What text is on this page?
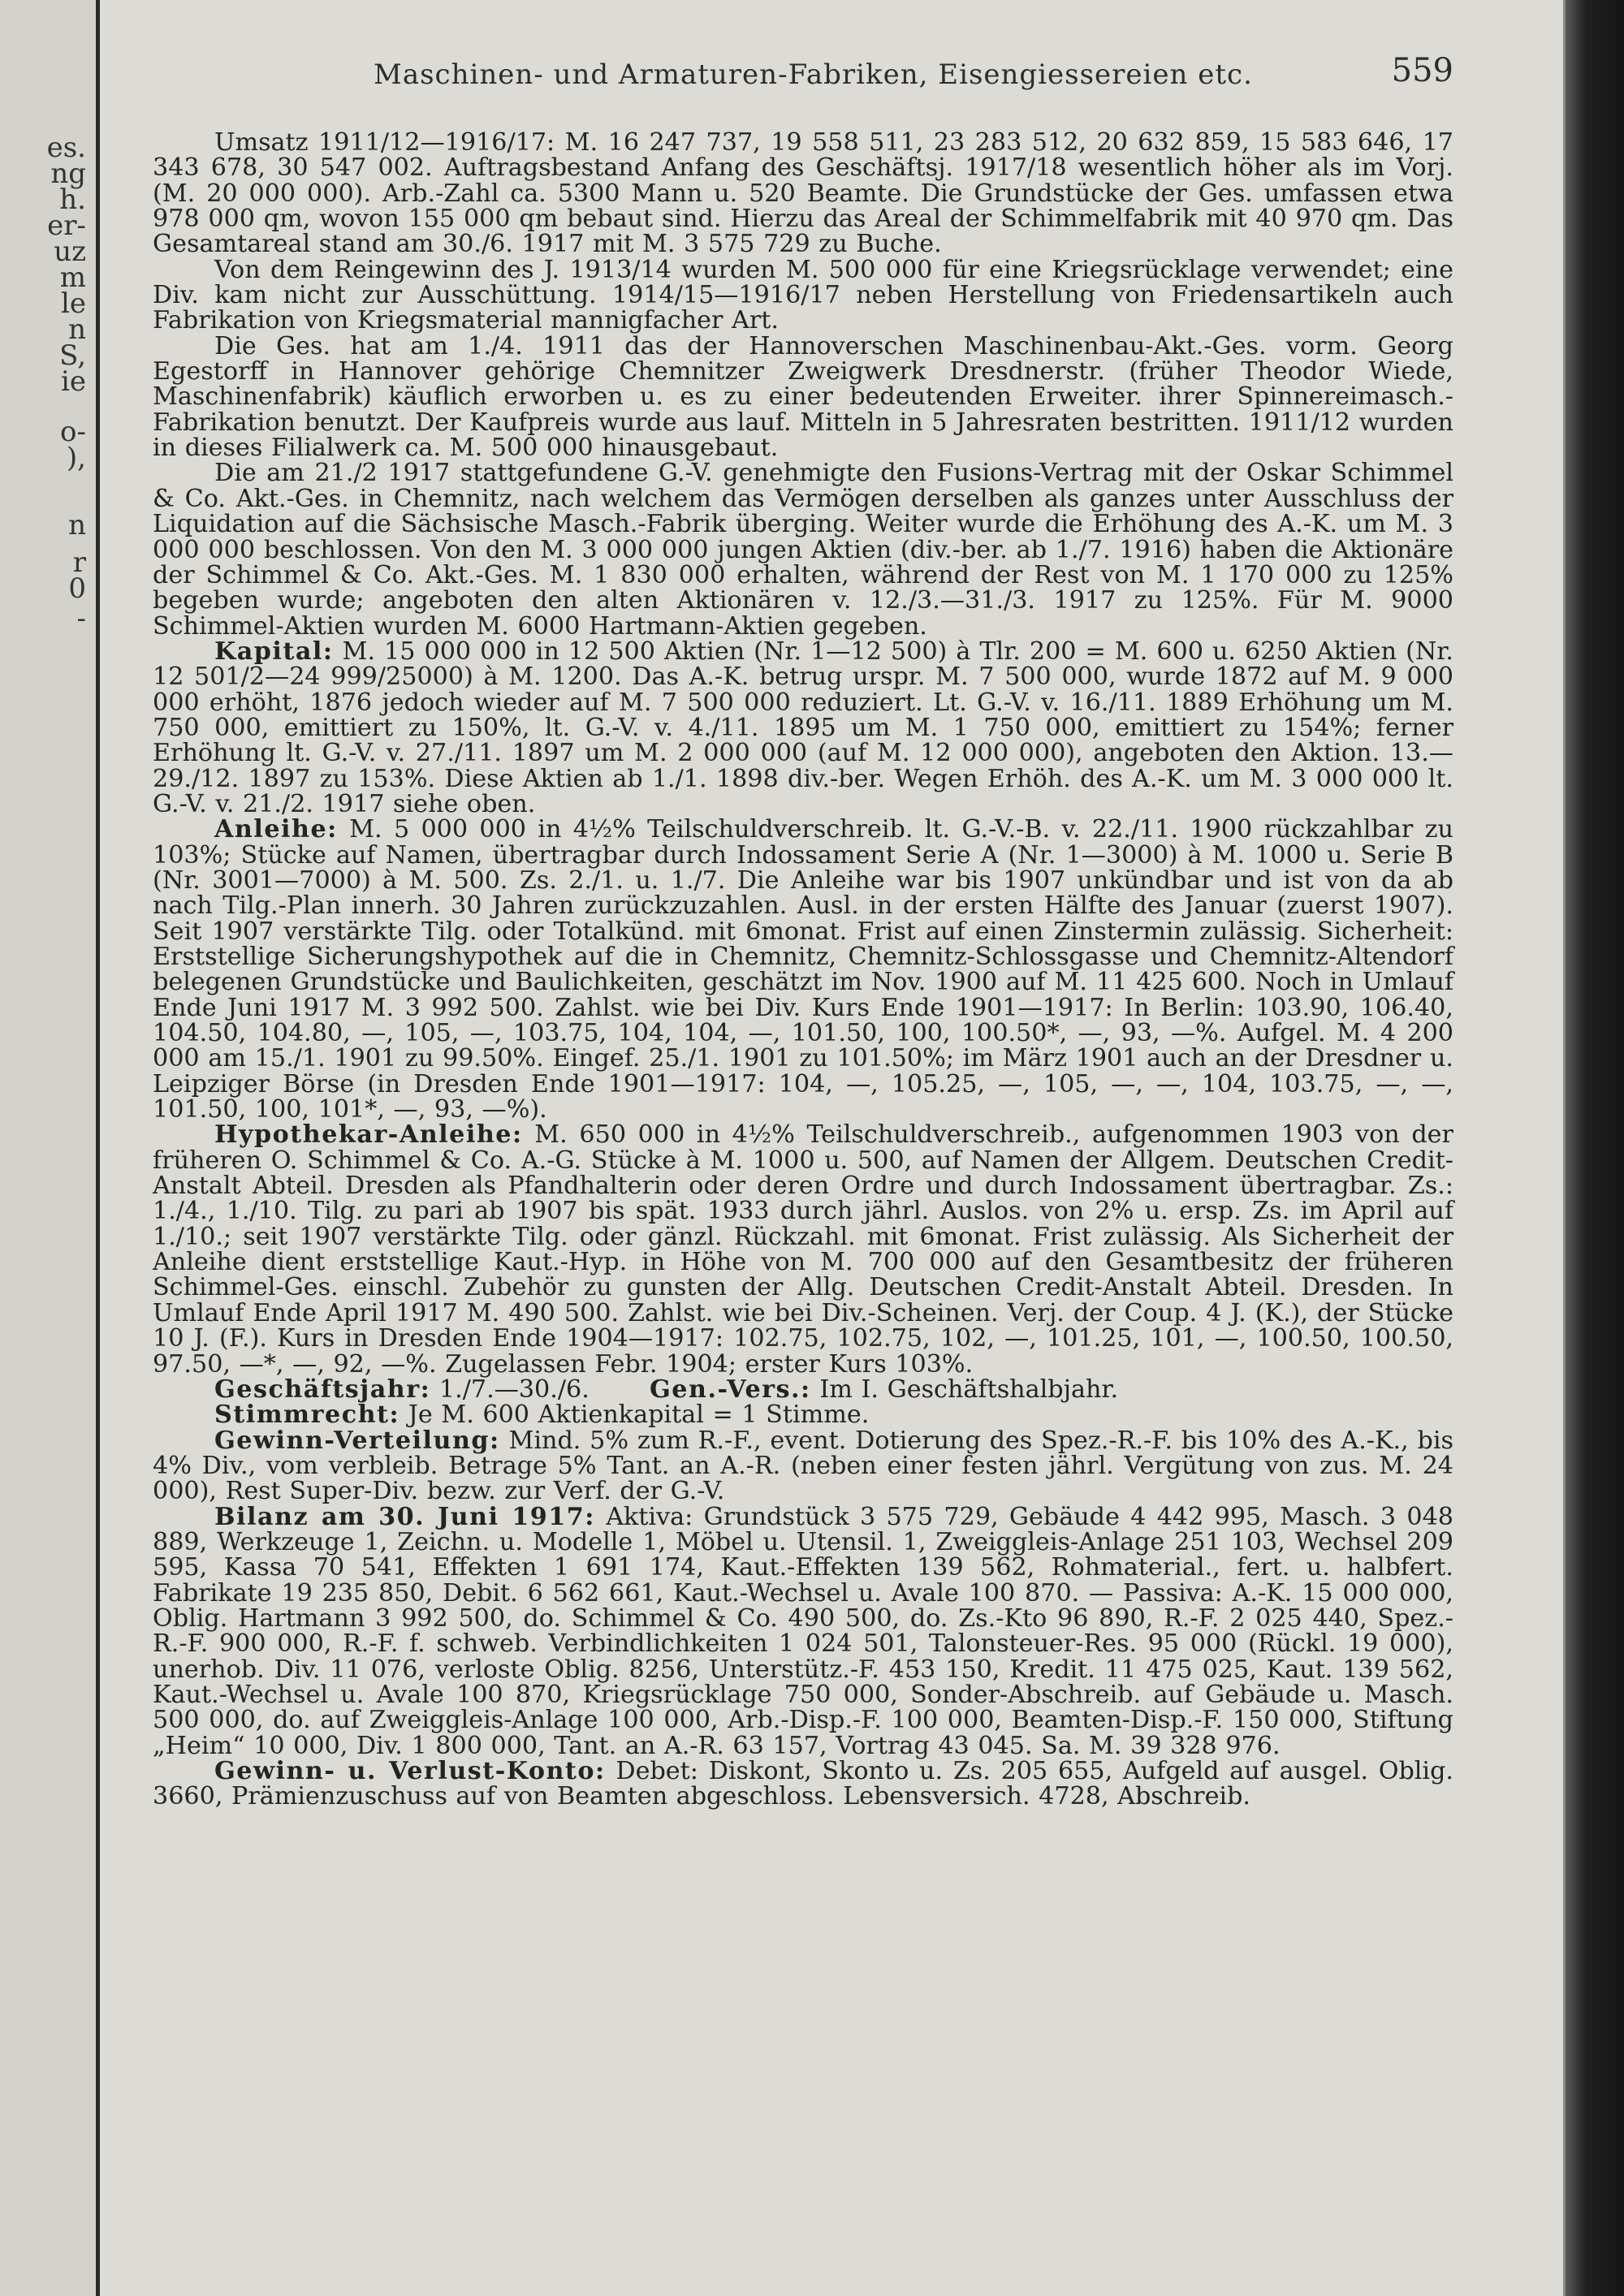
es.
ng
h.
er-
uz
m
le
n
S,
ie
o-
),
n
r
0
-
Maschinen- und Armaturen-Fabriken, Eisengiessereien etc.	559

Umsatz 1911/12—1916/17: M. 16 247 737, 19 558 511, 23 283 512, 20 632 859, 15 583 646, 17 343 678, 30 547 002. Auftragsbestand Anfang des Geschäftsj. 1917/18 wesentlich höher als im Vorj. (M. 20 000 000). Arb.-Zahl ca. 5300 Mann u. 520 Beamte. Die Grundstücke der Ges. umfassen etwa 978 000 qm, wovon 155 000 qm bebaut sind. Hierzu das Areal der Schimmelfabrik mit 40 970 qm. Das Gesamtareal stand am 30./6. 1917 mit M. 3 575 729 zu Buche.

Von dem Reingewinn des J. 1913/14 wurden M. 500 000 für eine Kriegsrücklage verwendet; eine Div. kam nicht zur Ausschüttung. 1914/15—1916/17 neben Herstellung von Friedensartikeln auch Fabrikation von Kriegsmaterial mannigfacher Art.

Die Ges. hat am 1./4. 1911 das der Hannoverschen Maschinenbau-Akt.-Ges. vorm. Georg Egestorff in Hannover gehörige Chemnitzer Zweigwerk Dresdnerstr. (früher Theodor Wiede, Maschinenfabrik) käuflich erworben u. es zu einer bedeutenden Erweiter. ihrer Spinnereimasch.-Fabrikation benutzt. Der Kaufpreis wurde aus lauf. Mitteln in 5 Jahresraten bestritten. 1911/12 wurden in dieses Filialwerk ca. M. 500 000 hinausgebaut.

Die am 21./2 1917 stattgefundene G.-V. genehmigte den Fusions-Vertrag mit der Oskar Schimmel & Co. Akt.-Ges. in Chemnitz, nach welchem das Vermögen derselben als ganzes unter Ausschluss der Liquidation auf die Sächsische Masch.-Fabrik überging. Weiter wurde die Erhöhung des A.-K. um M. 3 000 000 beschlossen. Von den M. 3 000 000 jungen Aktien (div.-ber. ab 1./7. 1916) haben die Aktionäre der Schimmel & Co. Akt.-Ges. M. 1 830 000 erhalten, während der Rest von M. 1 170 000 zu 125% begeben wurde; angeboten den alten Aktionären v. 12./3.—31./3. 1917 zu 125%. Für M. 9000 Schimmel-Aktien wurden M. 6000 Hartmann-Aktien gegeben.

Kapital: M. 15 000 000 in 12 500 Aktien (Nr. 1—12 500) à Tlr. 200 = M. 600 u. 6250 Aktien (Nr. 12 501/2—24 999/25000) à M. 1200. Das A.-K. betrug urspr. M. 7 500 000, wurde 1872 auf M. 9 000 000 erhöht, 1876 jedoch wieder auf M. 7 500 000 reduziert. Lt. G.-V. v. 16./11. 1889 Erhöhung um M. 750 000, emittiert zu 150%, lt. G.-V. v. 4./11. 1895 um M. 1 750 000, emittiert zu 154%; ferner Erhöhung lt. G.-V. v. 27./11. 1897 um M. 2 000 000 (auf M. 12 000 000), angeboten den Aktion. 13.—29./12. 1897 zu 153%. Diese Aktien ab 1./1. 1898 div.-ber. Wegen Erhöh. des A.-K. um M. 3 000 000 lt. G.-V. v. 21./2. 1917 siehe oben.

Anleihe: M. 5 000 000 in 4½% Teilschuldverschreib. lt. G.-V.-B. v. 22./11. 1900 rückzahlbar zu 103%; Stücke auf Namen, übertragbar durch Indossament Serie A (Nr. 1—3000) à M. 1000 u. Serie B (Nr. 3001—7000) à M. 500. Zs. 2./1. u. 1./7. Die Anleihe war bis 1907 unkündbar und ist von da ab nach Tilg.-Plan innerh. 30 Jahren zurückzuzahlen. Ausl. in der ersten Hälfte des Januar (zuerst 1907). Seit 1907 verstärkte Tilg. oder Totalkünd. mit 6monat. Frist auf einen Zinstermin zulässig. Sicherheit: Erststellige Sicherungshypothek auf die in Chemnitz, Chemnitz-Schlossgasse und Chemnitz-Altendorf belegenen Grundstücke und Baulichkeiten, geschätzt im Nov. 1900 auf M. 11 425 600. Noch in Umlauf Ende Juni 1917 M. 3 992 500. Zahlst. wie bei Div. Kurs Ende 1901—1917: In Berlin: 103.90, 106.40, 104.50, 104.80, —, 105, —, 103.75, 104, 104, —, 101.50, 100, 100.50*, —, 93, —%. Aufgel. M. 4 200 000 am 15./1. 1901 zu 99.50%. Eingef. 25./1. 1901 zu 101.50%; im März 1901 auch an der Dresdner u. Leipziger Börse (in Dresden Ende 1901—1917: 104, —, 105.25, —, 105, —, —, 104, 103.75, —, —, 101.50, 100, 101*, —, 93, —%).

Hypothekar-Anleihe: M. 650 000 in 4½% Teilschuldverschreib., aufgenommen 1903 von der früheren O. Schimmel & Co. A.-G. Stücke à M. 1000 u. 500, auf Namen der Allgem. Deutschen Credit-Anstalt Abteil. Dresden als Pfandhalterin oder deren Ordre und durch Indossament übertragbar. Zs.: 1./4., 1./10. Tilg. zu pari ab 1907 bis spät. 1933 durch jährl. Auslos. von 2% u. ersp. Zs. im April auf 1./10.; seit 1907 verstärkte Tilg. oder gänzl. Rückzahl. mit 6monat. Frist zulässig. Als Sicherheit der Anleihe dient erststellige Kaut.-Hyp. in Höhe von M. 700 000 auf den Gesamtbesitz der früheren Schimmel-Ges. einschl. Zubehör zu gunsten der Allg. Deutschen Credit-Anstalt Abteil. Dresden. In Umlauf Ende April 1917 M. 490 500. Zahlst. wie bei Div.-Scheinen. Verj. der Coup. 4 J. (K.), der Stücke 10 J. (F.). Kurs in Dresden Ende 1904—1917: 102.75, 102.75, 102, —, 101.25, 101, —, 100.50, 100.50, 97.50, —*, —, 92, —%. Zugelassen Febr. 1904; erster Kurs 103%.

Geschäftsjahr: 1./7.—30./6. Gen.-Vers.: Im I. Geschäftshalbjahr.

Stimmrecht: Je M. 600 Aktienkapital = 1 Stimme.

Gewinn-Verteilung: Mind. 5% zum R.-F., event. Dotierung des Spez.-R.-F. bis 10% des A.-K., bis 4% Div., vom verbleib. Betrage 5% Tant. an A.-R. (neben einer festen jährl. Vergütung von zus. M. 24 000), Rest Super-Div. bezw. zur Verf. der G.-V.

Bilanz am 30. Juni 1917: Aktiva: Grundstück 3 575 729, Gebäude 4 442 995, Masch. 3 048 889, Werkzeuge 1, Zeichn. u. Modelle 1, Möbel u. Utensil. 1, Zweiggleis-Anlage 251 103, Wechsel 209 595, Kassa 70 541, Effekten 1 691 174, Kaut.-Effekten 139 562, Rohmaterial., fert. u. halbfert. Fabrikate 19 235 850, Debit. 6 562 661, Kaut.-Wechsel u. Avale 100 870. — Passiva: A.-K. 15 000 000, Oblig. Hartmann 3 992 500, do. Schimmel & Co. 490 500, do. Zs.-Kto 96 890, R.-F. 2 025 440, Spez.-R.-F. 900 000, R.-F. f. schweb. Verbindlichkeiten 1 024 501, Talonsteuer-Res. 95 000 (Rückl. 19 000), unerhob. Div. 11 076, verloste Oblig. 8256, Unterstütz.-F. 453 150, Kredit. 11 475 025, Kaut. 139 562, Kaut.-Wechsel u. Avale 100 870, Kriegsrücklage 750 000, Sonder-Abschreib. auf Gebäude u. Masch. 500 000, do. auf Zweiggleis-Anlage 100 000, Arb.-Disp.-F. 100 000, Beamten-Disp.-F. 150 000, Stiftung „Heim“ 10 000, Div. 1 800 000, Tant. an A.-R. 63 157, Vortrag 43 045. Sa. M. 39 328 976.

Gewinn- u. Verlust-Konto: Debet: Diskont, Skonto u. Zs. 205 655, Aufgeld auf ausgel. Oblig. 3660, Prämienzuschuss auf von Beamten abgeschloss. Lebensversich. 4728, Abschreib.
